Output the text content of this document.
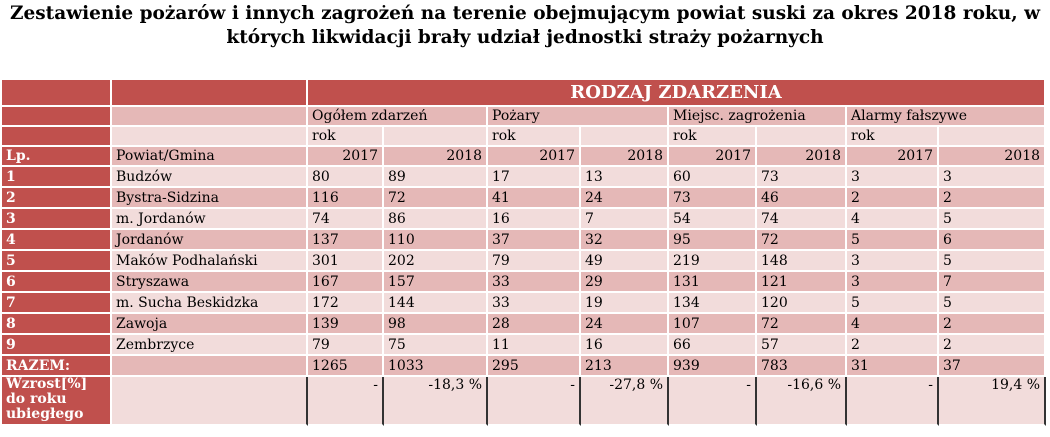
Zestawienie pożarów i innych zagrożeń na terenie obejmującym powiat suski za okres 2018 roku, w
których likwidacji brały udział jednostki straży pożarnych
		RODZAJ ZDARZENIA							
		Ogółem zdarzeń		Pożary		Miejsc. zagrożenia		Alarmy fałszywe	
		rok		rok		rok		rok	
Lp.	Powiat/Gmina	2017	2018	2017	2018	2017	2018	2017	2018
1	Budzów	80	89	17	13	60	73	3	3
2	Bystra-Sidzina	116	72	41	24	73	46	2	2
3	m. Jordanów	74	86	16	7	54	74	4	5
4	Jordanów	137	110	37	32	95	72	5	6
5	Maków Podhalański	301	202	79	49	219	148	3	5
6	Stryszawa	167	157	33	29	131	121	3	7
7	m. Sucha Beskidzka	172	144	33	19	134	120	5	5
8	Zawoja	139	98	28	24	107	72	4	2
9	Zembrzyce	79	75	11	16	66	57	2	2
RAZEM:		1265	1033	295	213	939	783	31	37
Wzrost[%] do roku ubiegłego		-	-18,3 %	-	-27,8 %	-	-16,6 %	-	19,4 %
